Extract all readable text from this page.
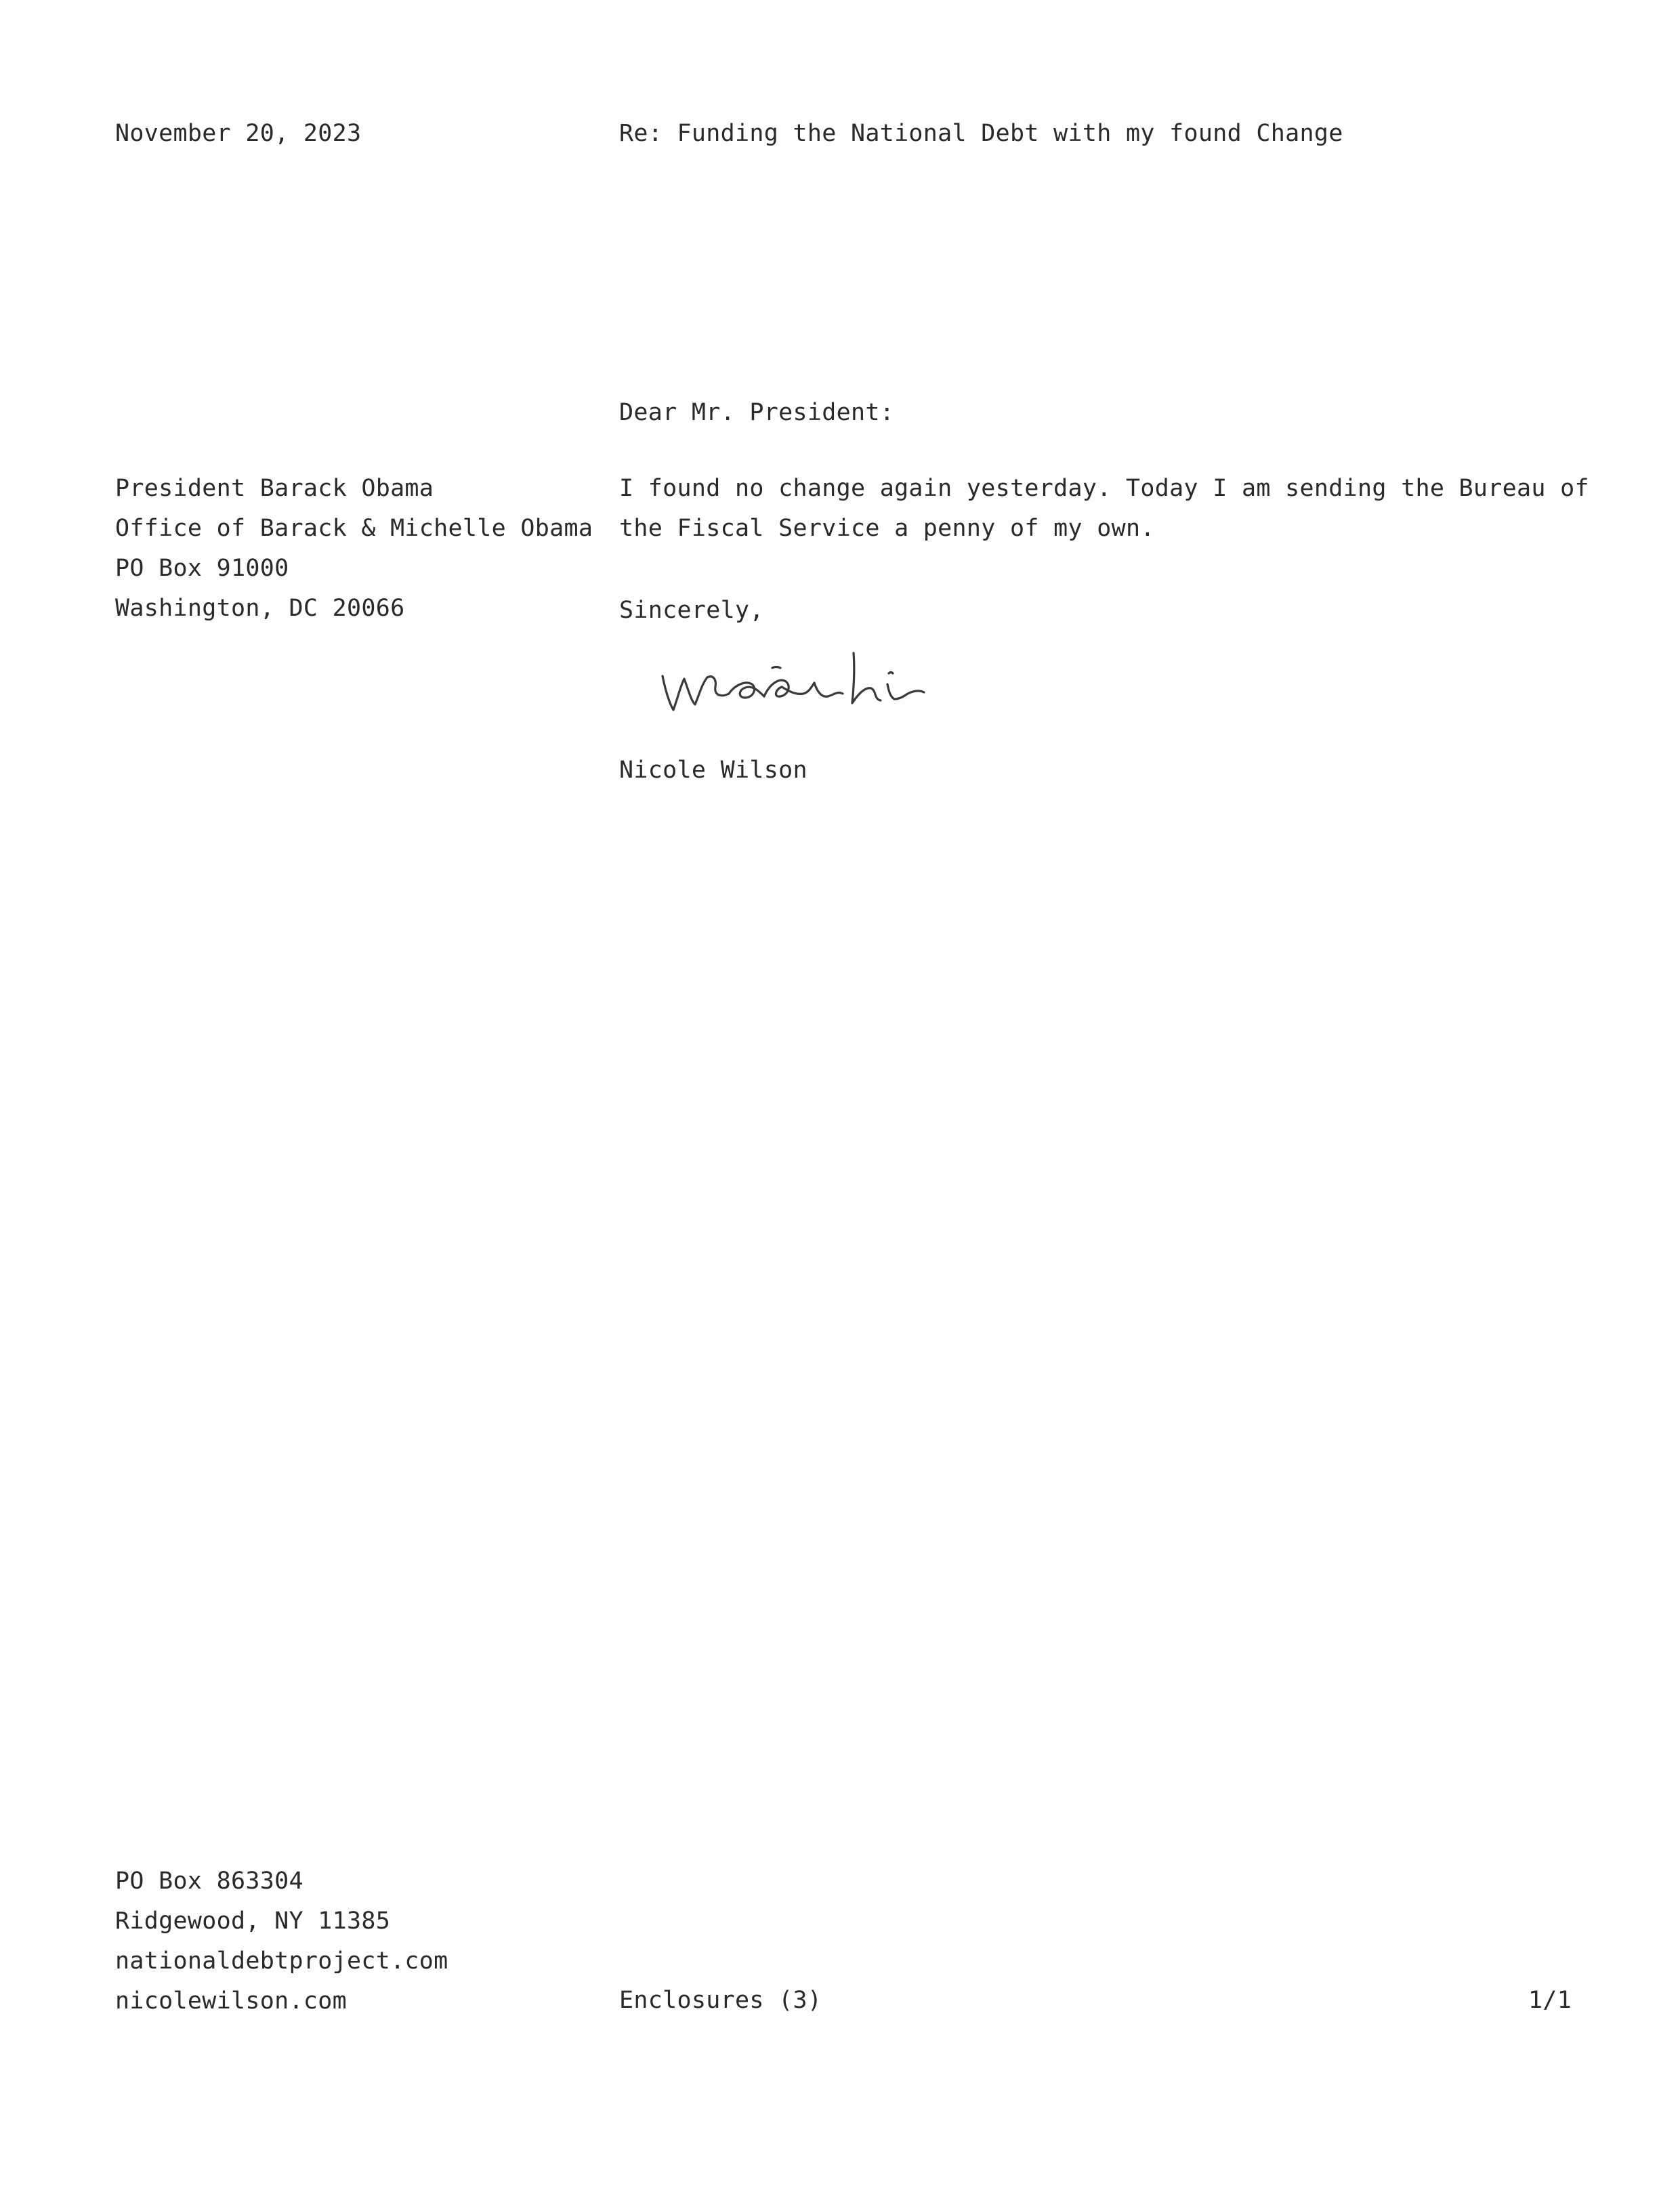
November 20, 2023	Re: Funding the National Debt with my found Change
Dear Mr. President:
President Barack Obama
Office of Barack & Michelle Obama
PO Box 91000
Washington, DC 20066
I found no change again yesterday. Today I am sending the Bureau of
the Fiscal Service a penny of my own.
Sincerely,
Nicole Wilson
PO Box 863304
Ridgewood, NY 11385
nationaldebtproject.com
nicolewilson.com	Enclosures (3)	1/1
